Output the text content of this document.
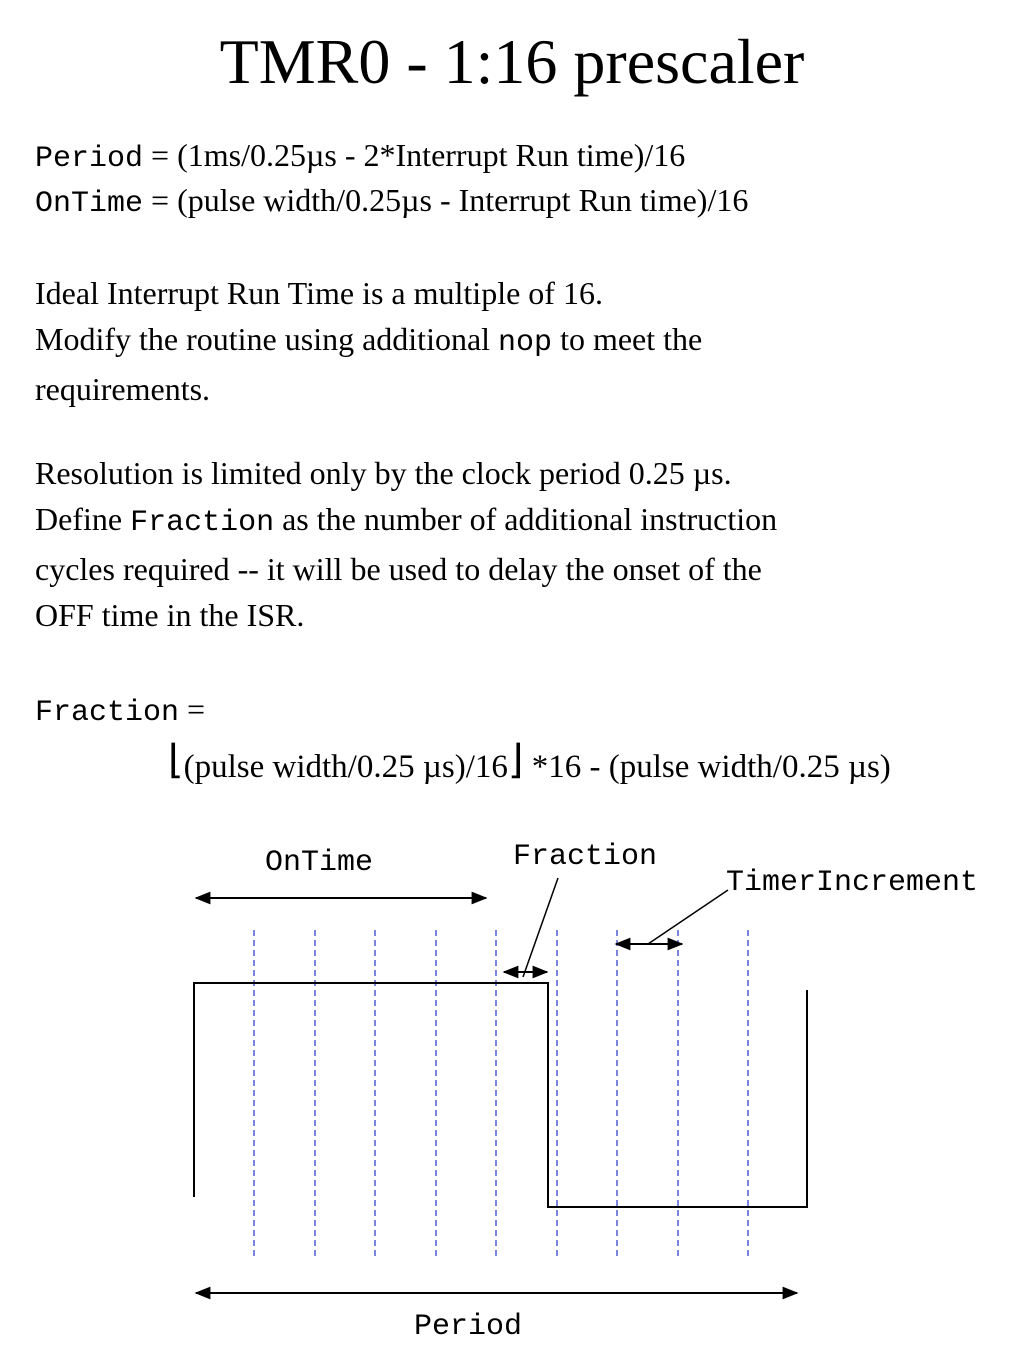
TMR0 - 1:16 prescaler
Period = (1ms/0.25µs - 2*Interrupt Run time)/16
OnTime = (pulse width/0.25µs - Interrupt Run time)/16
Ideal Interrupt Run Time is a multiple of 16.
Modify the routine using additional nop to meet the
requirements.
Resolution is limited only by the clock period 0.25 µs.
Define Fraction as the number of additional instruction
cycles required -- it will be used to delay the onset of the
OFF time in the ISR.
Fraction =
⌊(pulse width/0.25 µs)/16⌋ *16 - (pulse width/0.25 µs)
OnTime	Fraction
TimerIncrement
Period
